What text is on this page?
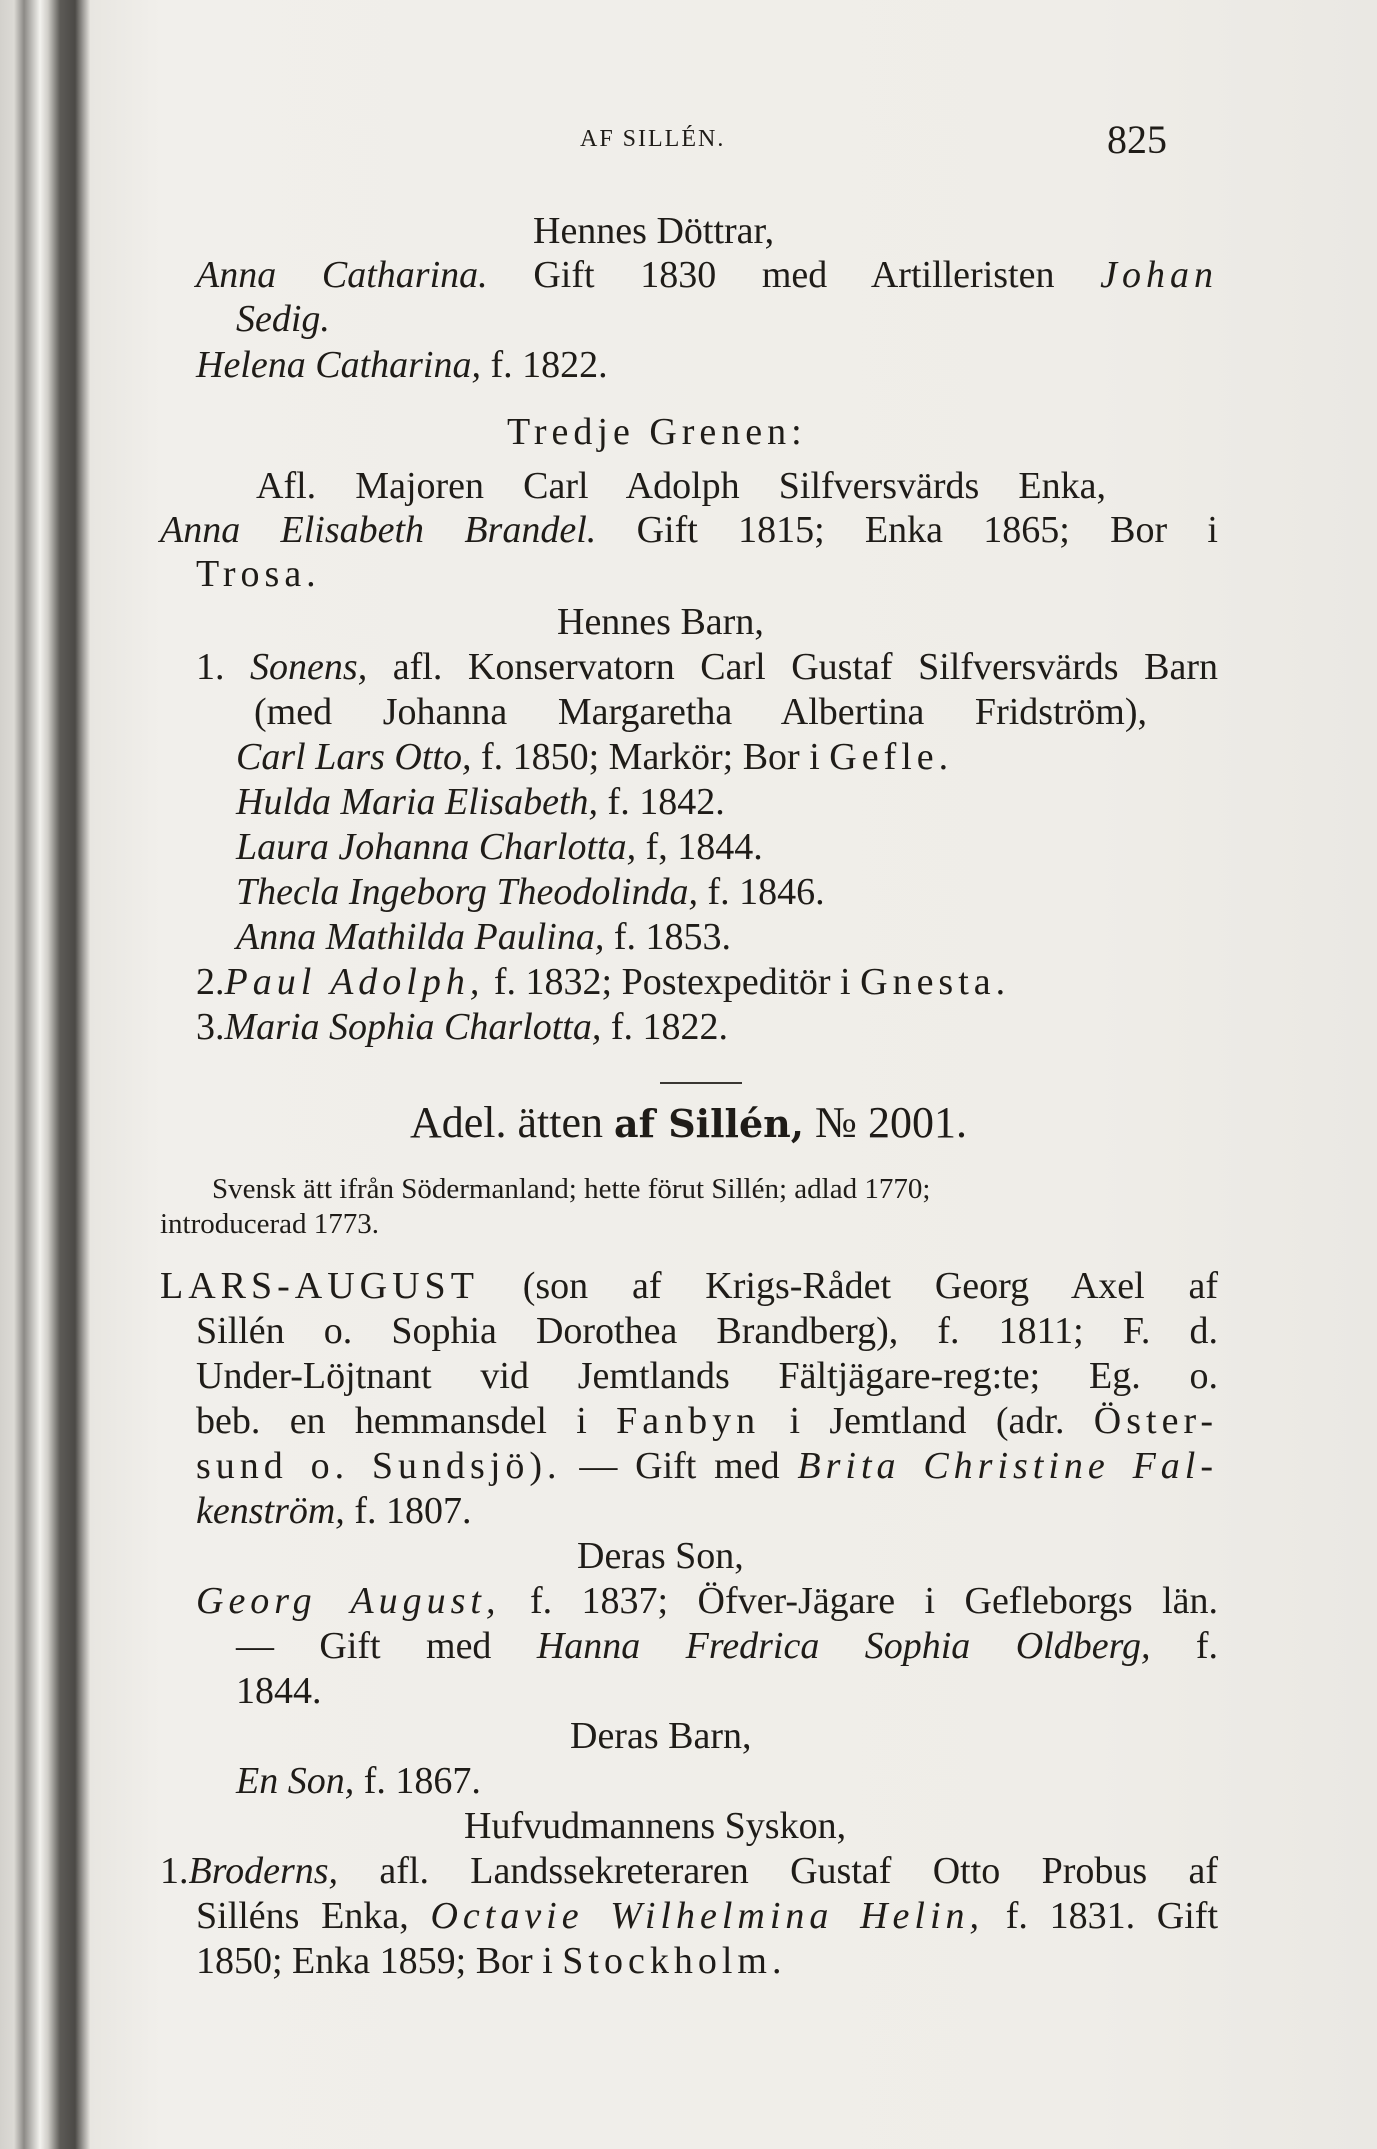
AF SILLÉN.	825
Hennes Döttrar,
Anna Catharina. Gift 1830 med Artilleristen Johan
Sedig.
Helena Catharina, f. 1822.
Tredje Grenen:
Afl. Majoren Carl Adolph Silfversvärds Enka,
Anna Elisabeth Brandel. Gift 1815; Enka 1865; Bor i
Trosa.
Hennes Barn,
1. Sonens, afl. Konservatorn Carl Gustaf Silfversvärds Barn
(med Johanna Margaretha Albertina Fridström),
Carl Lars Otto, f. 1850; Markör; Bor i Gefle.
Hulda Maria Elisabeth, f. 1842.
Laura Johanna Charlotta, f, 1844.
Thecla Ingeborg Theodolinda, f. 1846.
Anna Mathilda Paulina, f. 1853.
2.Paul Adolph, f. 1832; Postexpeditör i Gnesta.
3.Maria Sophia Charlotta, f. 1822.
Adel. ätten af Sillén, № 2001.
Svensk ätt ifrån Södermanland; hette förut Sillén; adlad 1770;
introducerad 1773.
LARS-AUGUST (son af Krigs-Rådet Georg Axel af
Sillén o. Sophia Dorothea Brandberg), f. 1811; F. d.
Under-Löjtnant vid Jemtlands Fältjägare-reg:te; Eg. o.
beb. en hemmansdel i Fanbyn i Jemtland (adr. Öster-
sund o. Sundsjö). — Gift med Brita Christine Fal-
kenström, f. 1807.
Deras Son,
Georg August, f. 1837; Öfver-Jägare i Gefleborgs län.
— Gift med Hanna Fredrica Sophia Oldberg, f.
1844.
Deras Barn,
En Son, f. 1867.
Hufvudmannens Syskon,
1.Broderns, afl. Landssekreteraren Gustaf Otto Probus af
Silléns Enka, Octavie Wilhelmina Helin, f. 1831. Gift
1850; Enka 1859; Bor i Stockholm.
